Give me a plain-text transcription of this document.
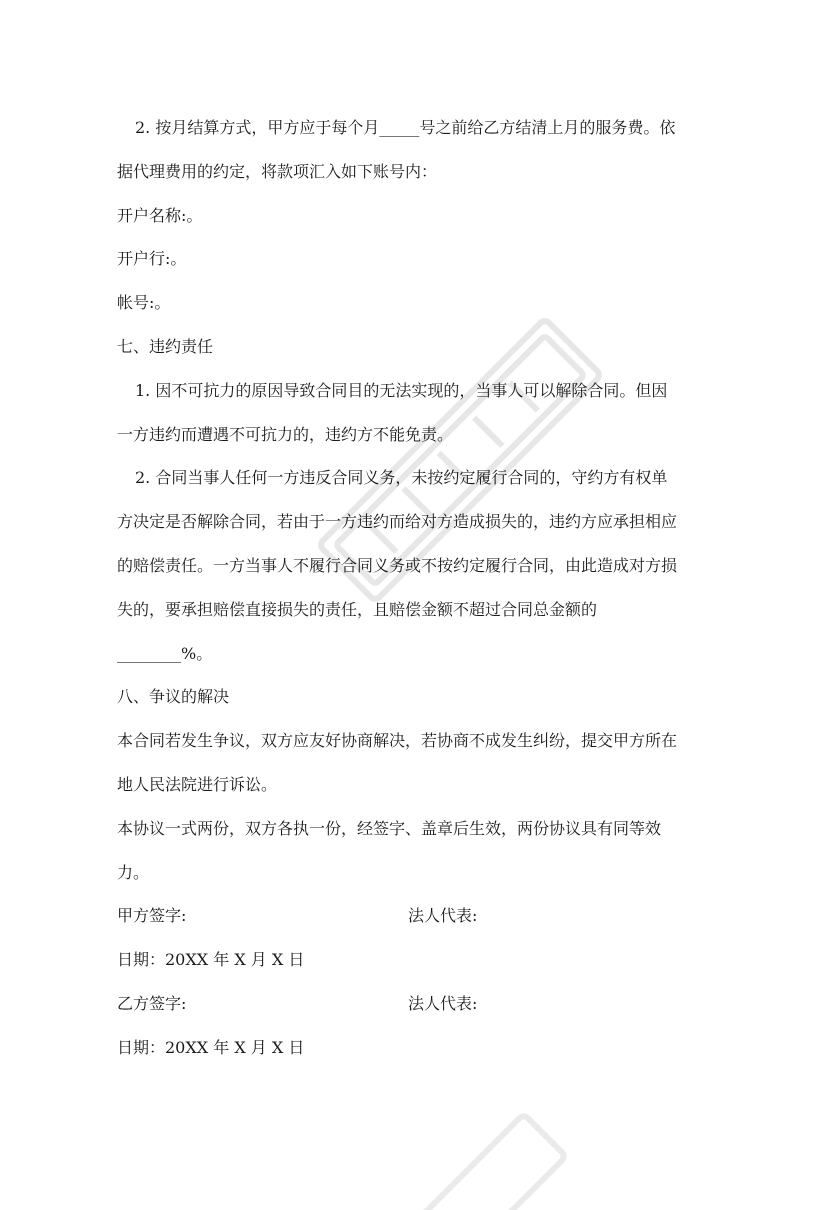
2. 按月结算方式，甲方应于每个月_____号之前给乙方结清上月的服务费。依
据代理费用的约定，将款项汇入如下账号内：
开户名称:。
开户行:。
帐号:。
七、违约责任
1. 因不可抗力的原因导致合同目的无法实现的，当事人可以解除合同。但因
一方违约而遭遇不可抗力的，违约方不能免责。
2. 合同当事人任何一方违反合同义务，未按约定履行合同的，守约方有权单
方决定是否解除合同，若由于一方违约而给对方造成损失的，违约方应承担相应
的赔偿责任。一方当事人不履行合同义务或不按约定履行合同，由此造成对方损
失的，要承担赔偿直接损失的责任，且赔偿金额不超过合同总金额的
________%。
八、争议的解决
本合同若发生争议，双方应友好协商解决，若协商不成发生纠纷，提交甲方所在
地人民法院进行诉讼。
本协议一式两份，双方各执一份，经签字、盖章后生效，两份协议具有同等效
力。
甲方签字:	法人代表:
日期：20XX 年 X 月 X 日
乙方签字:	法人代表:
日期：20XX 年 X 月 X 日
